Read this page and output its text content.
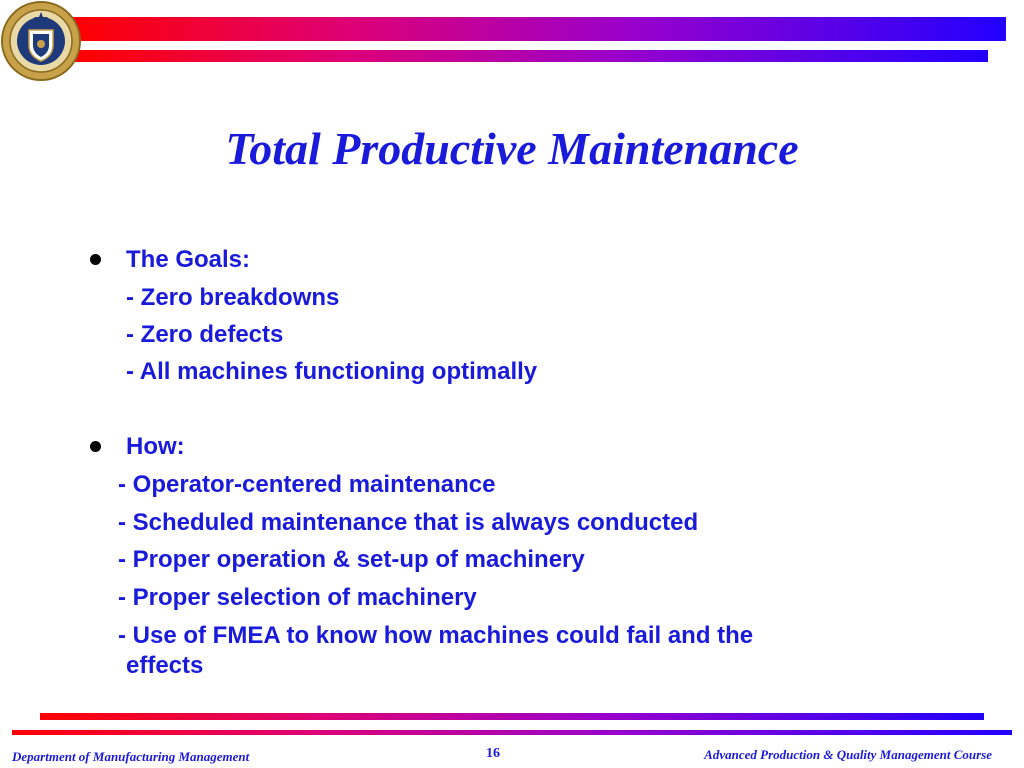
Total Productive Maintenance
The Goals:
- Zero breakdowns
- Zero defects
- All machines functioning optimally
How:
- Operator-centered maintenance
- Scheduled maintenance that is always conducted
- Proper operation & set-up of machinery
- Proper selection of machinery
- Use of FMEA to know how machines could fail and the
effects
Department of Manufacturing Management	16	Advanced Production & Quality Management Course
